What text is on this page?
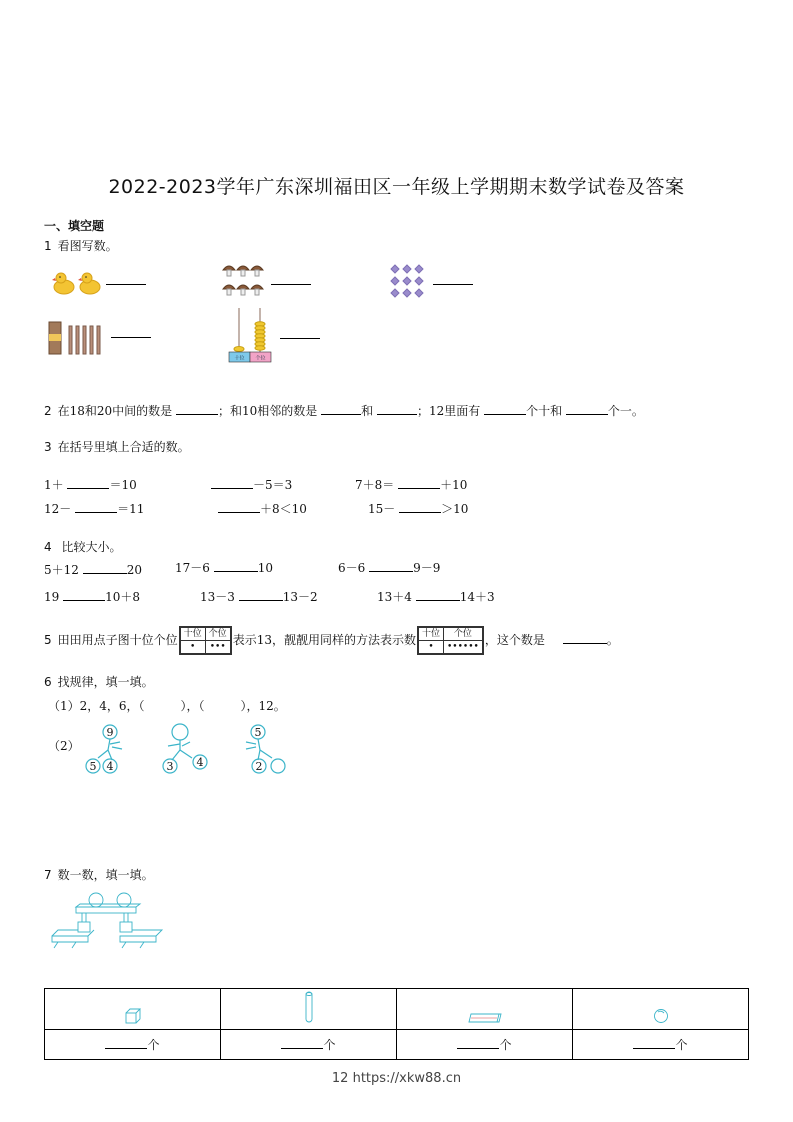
2022-2023学年广东深圳福田区一年级上学期期末数学试卷及答案
一、填空题
1 看图写数。
十位 个位
2 在18和20中间的数是	；和10相邻的数是	和	；12里面有	个十和	个一。
3 在括号里填上合适的数。
1＋	＝10	－5＝3	7＋8＝	＋10
12－	＝11	＋8＜10	15－	＞10
4 比较大小。
5＋12	20	17－6	10	6－6	9－9
19	10＋8	13－3	13－2	13＋4	14＋3
5 田田用点子图十位个位 十位	个位
•	••• 表示13，靓靓用同样的方法表示数 十位	个位
•	•••••• ，这个数是	。
6 找规律，填一填。
（1）2，4，6，（　　　），（　　　），12。
（2）
9
5 4	3 4
5
2
7 数一数，填一填。

个	个	个	个
12 https://xkw88.cn
